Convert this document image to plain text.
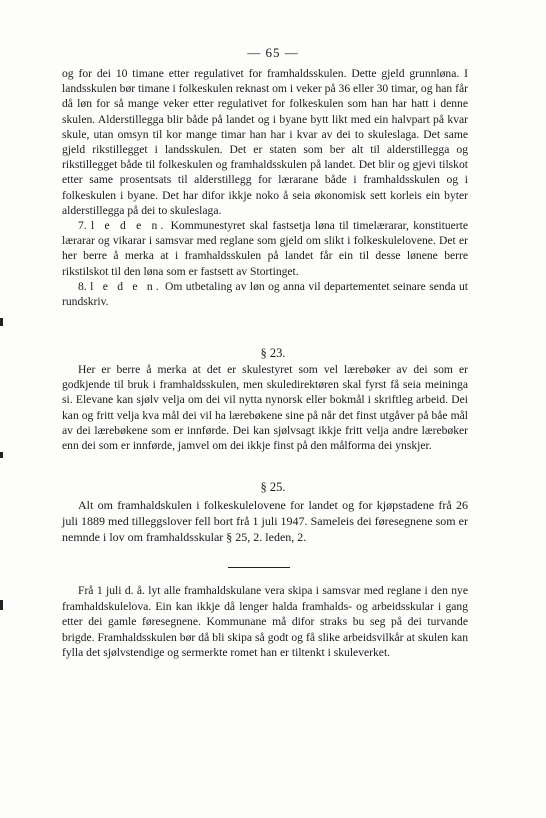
— 65 —

og for dei 10 timane etter regulativet for framhaldsskulen. Dette gjeld grunnløna. I landsskulen bør timane i folkeskulen reknast om i veker på 36 eller 30 timar, og han får då løn for så mange veker etter regulativet for folkeskulen som han har hatt i denne skulen. Alderstillegga blir både på landet og i byane bytt likt med ein halvpart på kvar skule, utan omsyn til kor mange timar han har i kvar av dei to skuleslaga. Det same gjeld rikstillegget i landsskulen. Det er staten som ber alt til alderstillegga og rikstillegget både til folkeskulen og framhaldsskulen på landet. Det blir og gjevi tilskot etter same prosentsats til alderstillegg for lærarane både i framhaldsskulen og i folkeskulen i byane. Det har difor ikkje noko å seia økonomisk sett korleis ein byter alderstillegga på dei to skuleslaga.

7. l e d e n. Kommunestyret skal fastsetja løna til timelærarar, konstituerte lærarar og vikarar i samsvar med reglane som gjeld om slikt i folkeskulelovene. Det er her berre å merka at i framhaldsskulen på landet får ein til desse lønene berre rikstilskot til den løna som er fastsett av Stortinget.

8. l e d e n. Om utbetaling av løn og anna vil departementet seinare senda ut rundskriv.

§ 23.

Her er berre å merka at det er skulestyret som vel lærebøker av dei som er godkjende til bruk i framhaldsskulen, men skuledirektøren skal fyrst få seia meininga si. Elevane kan sjølv velja om dei vil nytta nynorsk eller bokmål i skriftleg arbeid. Dei kan og fritt velja kva mål dei vil ha lærebøkene sine på når det finst utgåver på båe mål av dei lærebøkene som er innførde. Dei kan sjølvsagt ikkje fritt velja andre lærebøker enn dei som er innførde, jamvel om dei ikkje finst på den målforma dei ynskjer.

§ 25.

Alt om framhaldskulen i folkeskulelovene for landet og for kjøpstadene frå 26 juli 1889 med tilleggslover fell bort frå 1 juli 1947. Sameleis dei føresegnene som er nemnde i lov om framhaldsskular § 25, 2. leden, 2.

Frå 1 juli d. å. lyt alle framhaldskulane vera skipa i samsvar med reglane i den nye framhaldskulelova. Ein kan ikkje då lenger halda framhalds- og arbeidsskular i gang etter dei gamle føresegnene. Kommunane må difor straks bu seg på dei turvande brigde. Framhaldsskulen bør då bli skipa så godt og få slike arbeidsvilkår at skulen kan fylla det sjølvstendige og sermerkte romet han er tiltenkt i skuleverket.
